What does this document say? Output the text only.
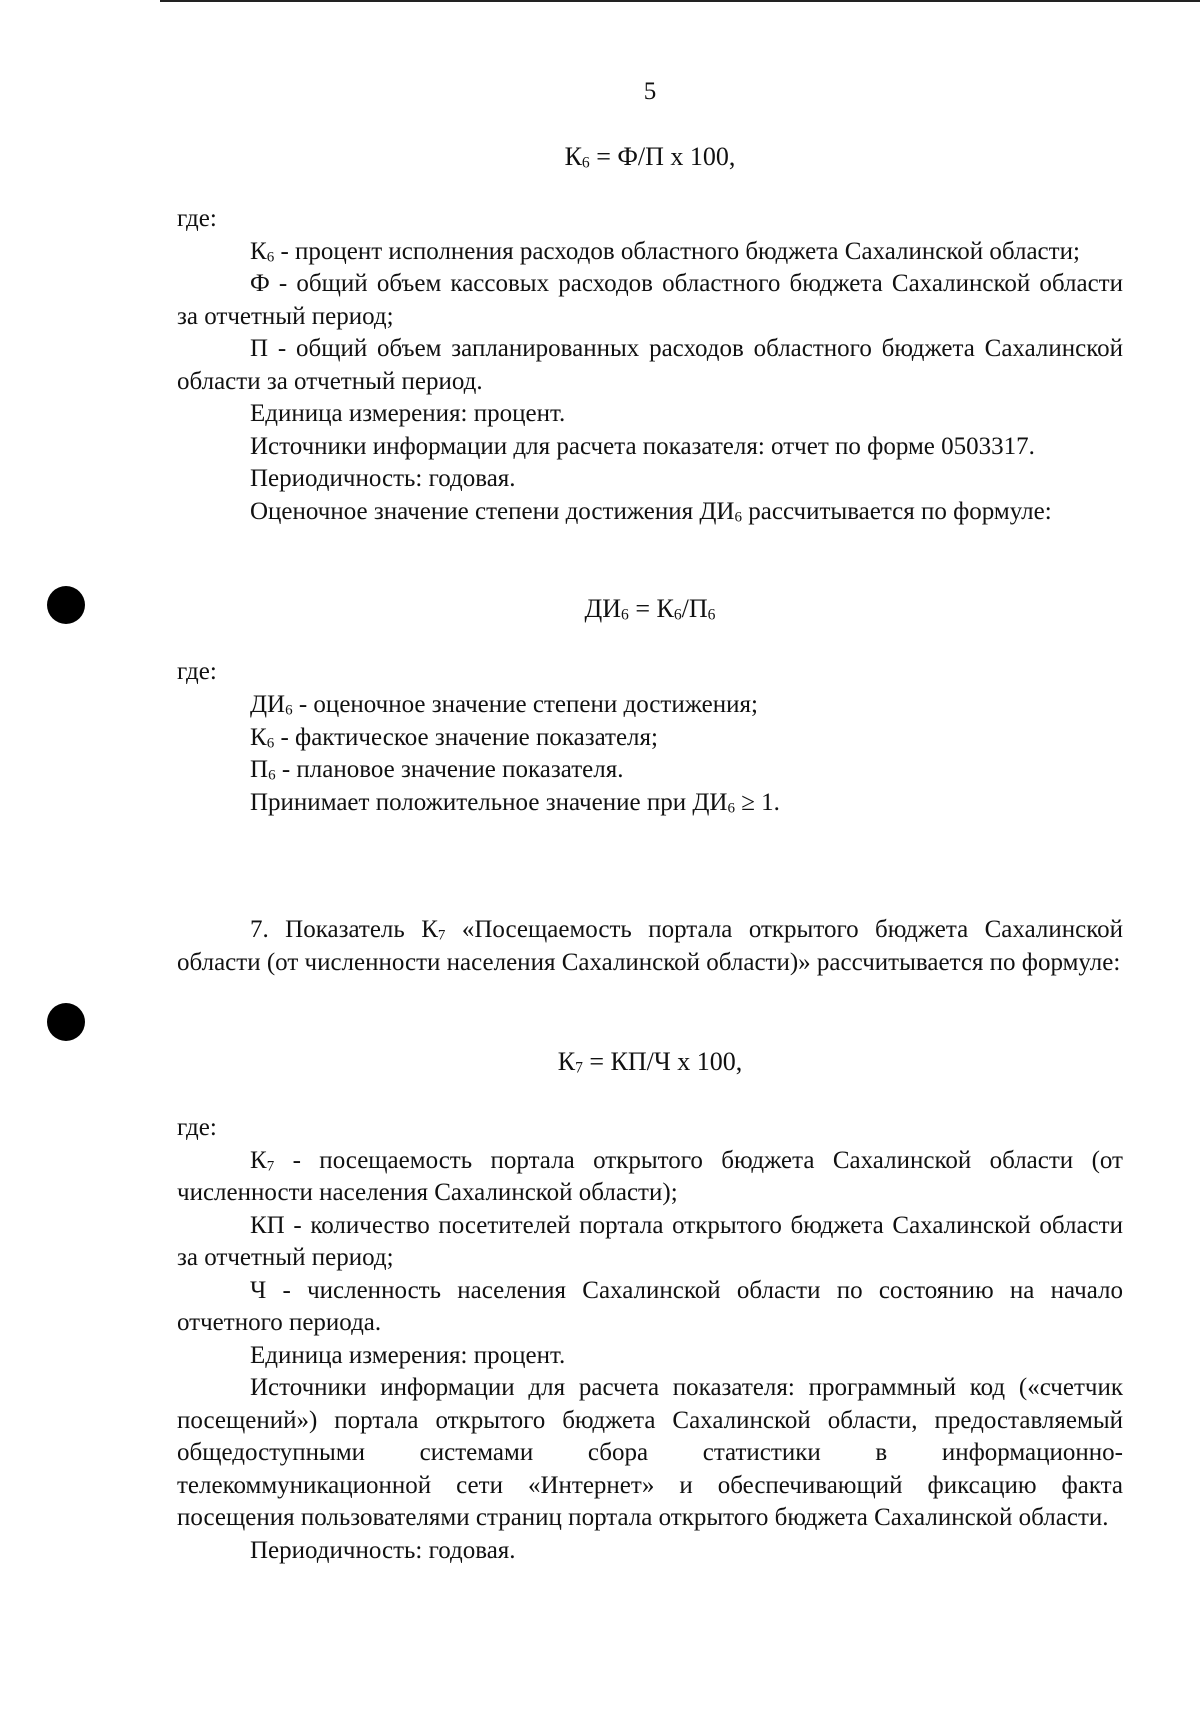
5
$К_6 = Ф/П$ х 100,

где:

$К_6$ - процент исполнения расходов областного бюджета Сахалинской области;

Ф - общий объем кассовых расходов областного бюджета Сахалинской области за отчетный период;

П - общий объем запланированных расходов областного бюджета Сахалинской области за отчетный период.

Единица измерения: процент.

Источники информации для расчета показателя: отчет по форме 0503317.

Периодичность: годовая.

Оценочное значение степени достижения $ДИ_6$ рассчитывается по формуле:

$ДИ_6 = К_6/П_6$

где:

$ДИ_6$ - оценочное значение степени достижения;

$К_6$ - фактическое значение показателя;

$П_6$ - плановое значение показателя.

Принимает положительное значение при $ДИ_6 \ge 1$.

7. Показатель $К_7$ «Посещаемость портала открытого бюджета Сахалинской области (от численности населения Сахалинской области)» рассчитывается по формуле:

$К_7 = КП/Ч$ х 100,

где:

$К_7$ - посещаемость портала открытого бюджета Сахалинской области (от численности населения Сахалинской области);

КП - количество посетителей портала открытого бюджета Сахалинской области за отчетный период;

Ч - численность населения Сахалинской области по состоянию на начало отчетного периода.

Единица измерения: процент.

Источники информации для расчета показателя: программный код («счетчик посещений») портала открытого бюджета Сахалинской области, предоставляемый общедоступными системами сбора статистики в информационно-телекоммуникационной сети «Интернет» и обеспечивающий фиксацию факта посещения пользователями страниц портала открытого бюджета Сахалинской области.

Периодичность: годовая.
